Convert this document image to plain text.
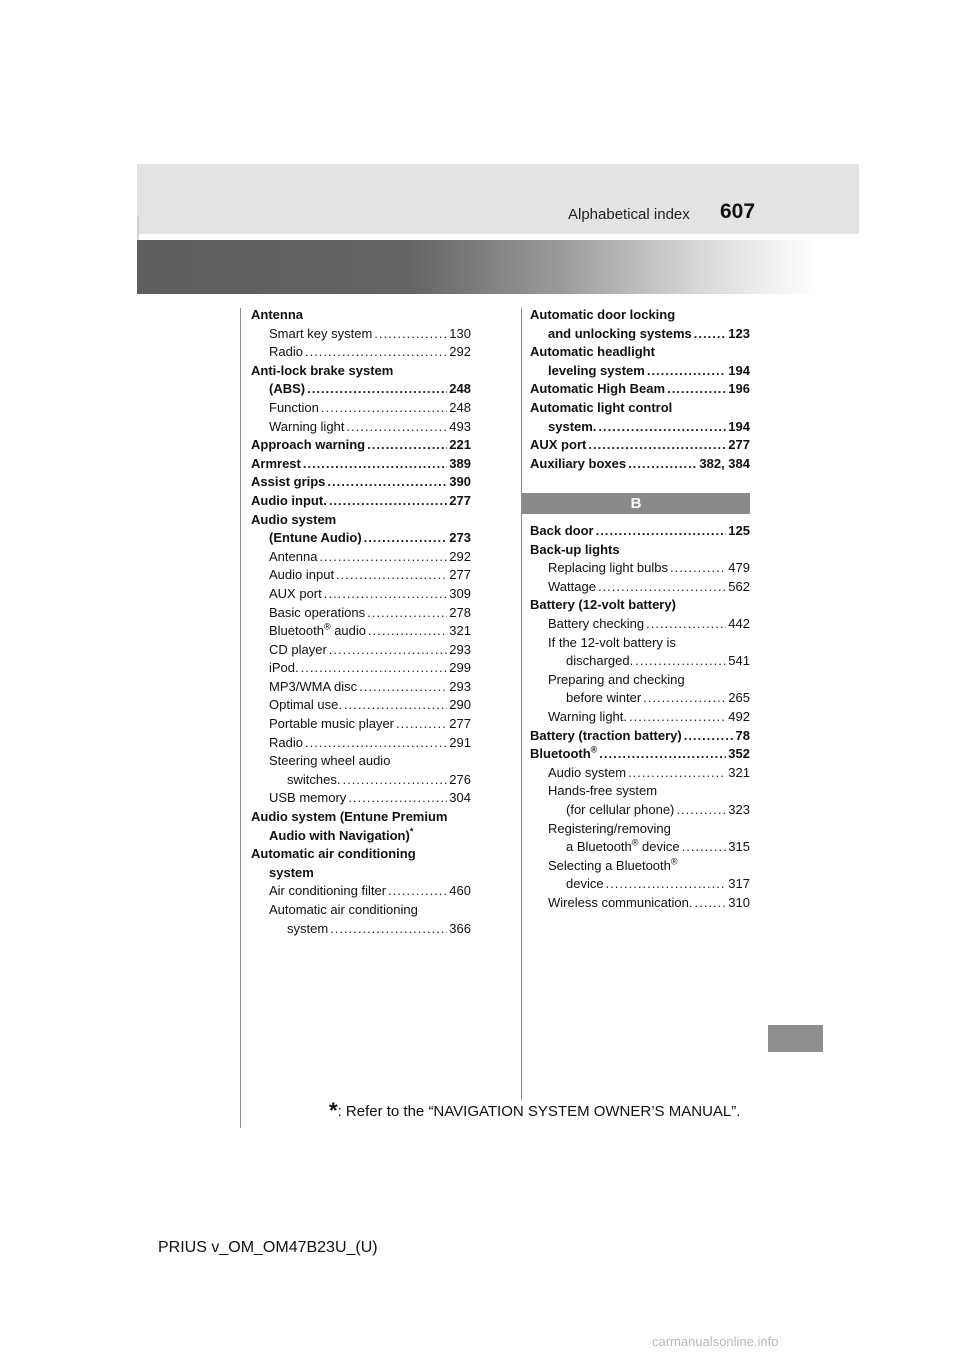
Alphabetical index 607
Antenna
Smart key system .....	130
Radio .....	292
Anti-lock brake system
(ABS) .....	248
Function .....	248
Warning light .....	493
Approach warning .....	221
Armrest .....	389
Assist grips .....	390
Audio input. .....	277
Audio system
(Entune Audio) .....	273
Antenna .....	292
Audio input .....	277
AUX port .....	309
Basic operations .....	278
Bluetooth® audio .....	321
CD player .....	293
iPod. .....	299
MP3/WMA disc .....	293
Optimal use. .....	290
Portable music player .....	277
Radio .....	291
Steering wheel audio
switches. .....	276
USB memory .....	304
Audio system (Entune Premium
Audio with Navigation)*
Automatic air conditioning
system
Air conditioning filter .....	460
Automatic air conditioning
system .....	366
Automatic door locking
and unlocking systems .....	123
Automatic headlight
leveling system .....	194
Automatic High Beam .....	196
Automatic light control
system. .....	194
AUX port .....	277
Auxiliary boxes .....	382, 384
B
Back door .....	125
Back-up lights
Replacing light bulbs .....	479
Wattage .....	562
Battery (12-volt battery)
Battery checking .....	442
If the 12-volt battery is
discharged. .....	541
Preparing and checking
before winter .....	265
Warning light. .....	492
Battery (traction battery) .....	78
Bluetooth® .....	352
Audio system .....	321
Hands-free system
(for cellular phone) .....	323
Registering/removing
a Bluetooth® device .....	315
Selecting a Bluetooth®
device .....	317
Wireless communication. .....	310
*: Refer to the “NAVIGATION SYSTEM OWNER’S MANUAL”.
PRIUS v_OM_OM47B23U_(U)
carmanualsonline.info
